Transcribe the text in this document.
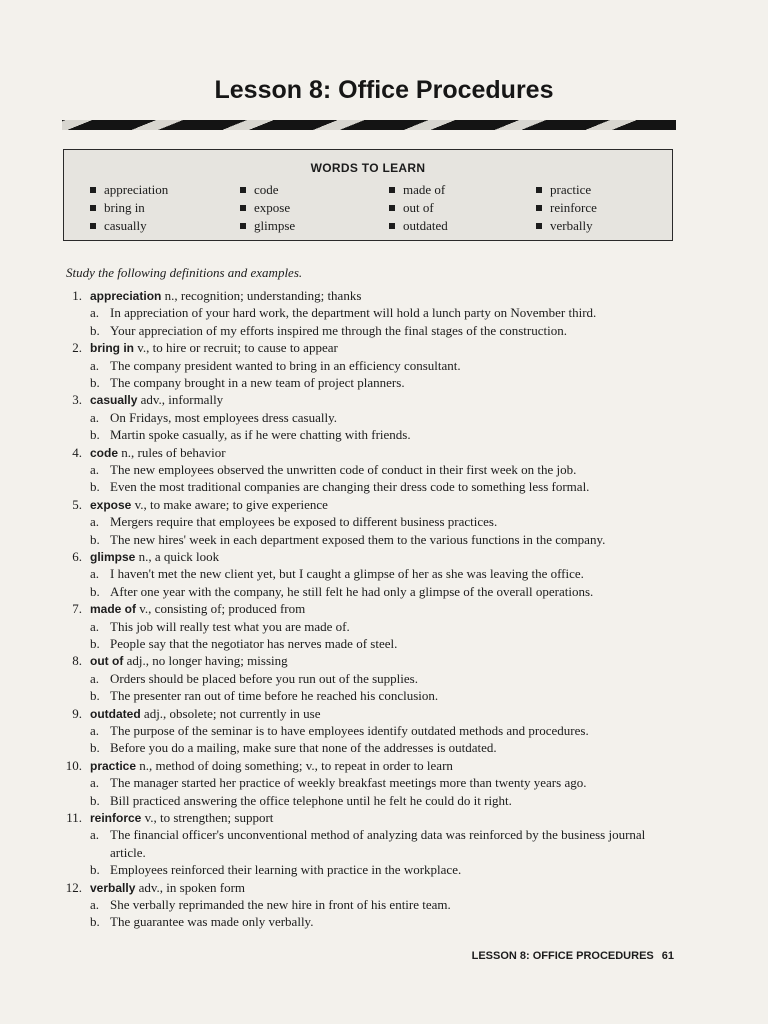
Lesson 8: Office Procedures
WORDS TO LEARN
appreciation
bring in
casually
code
expose
glimpse
made of
out of
outdated
practice
reinforce
verbally
Study the following definitions and examples.
1. appreciation n., recognition; understanding; thanks
a. In appreciation of your hard work, the department will hold a lunch party on November third.
b. Your appreciation of my efforts inspired me through the final stages of the construction.
2. bring in v., to hire or recruit; to cause to appear
a. The company president wanted to bring in an efficiency consultant.
b. The company brought in a new team of project planners.
3. casually adv., informally
a. On Fridays, most employees dress casually.
b. Martin spoke casually, as if he were chatting with friends.
4. code n., rules of behavior
a. The new employees observed the unwritten code of conduct in their first week on the job.
b. Even the most traditional companies are changing their dress code to something less formal.
5. expose v., to make aware; to give experience
a. Mergers require that employees be exposed to different business practices.
b. The new hires' week in each department exposed them to the various functions in the company.
6. glimpse n., a quick look
a. I haven't met the new client yet, but I caught a glimpse of her as she was leaving the office.
b. After one year with the company, he still felt he had only a glimpse of the overall operations.
7. made of v., consisting of; produced from
a. This job will really test what you are made of.
b. People say that the negotiator has nerves made of steel.
8. out of adj., no longer having; missing
a. Orders should be placed before you run out of the supplies.
b. The presenter ran out of time before he reached his conclusion.
9. outdated adj., obsolete; not currently in use
a. The purpose of the seminar is to have employees identify outdated methods and procedures.
b. Before you do a mailing, make sure that none of the addresses is outdated.
10. practice n., method of doing something; v., to repeat in order to learn
a. The manager started her practice of weekly breakfast meetings more than twenty years ago.
b. Bill practiced answering the office telephone until he felt he could do it right.
11. reinforce v., to strengthen; support
a. The financial officer's unconventional method of analyzing data was reinforced by the business journal article.
b. Employees reinforced their learning with practice in the workplace.
12. verbally adv., in spoken form
a. She verbally reprimanded the new hire in front of his entire team.
b. The guarantee was made only verbally.
LESSON 8: OFFICE PROCEDURES 61
